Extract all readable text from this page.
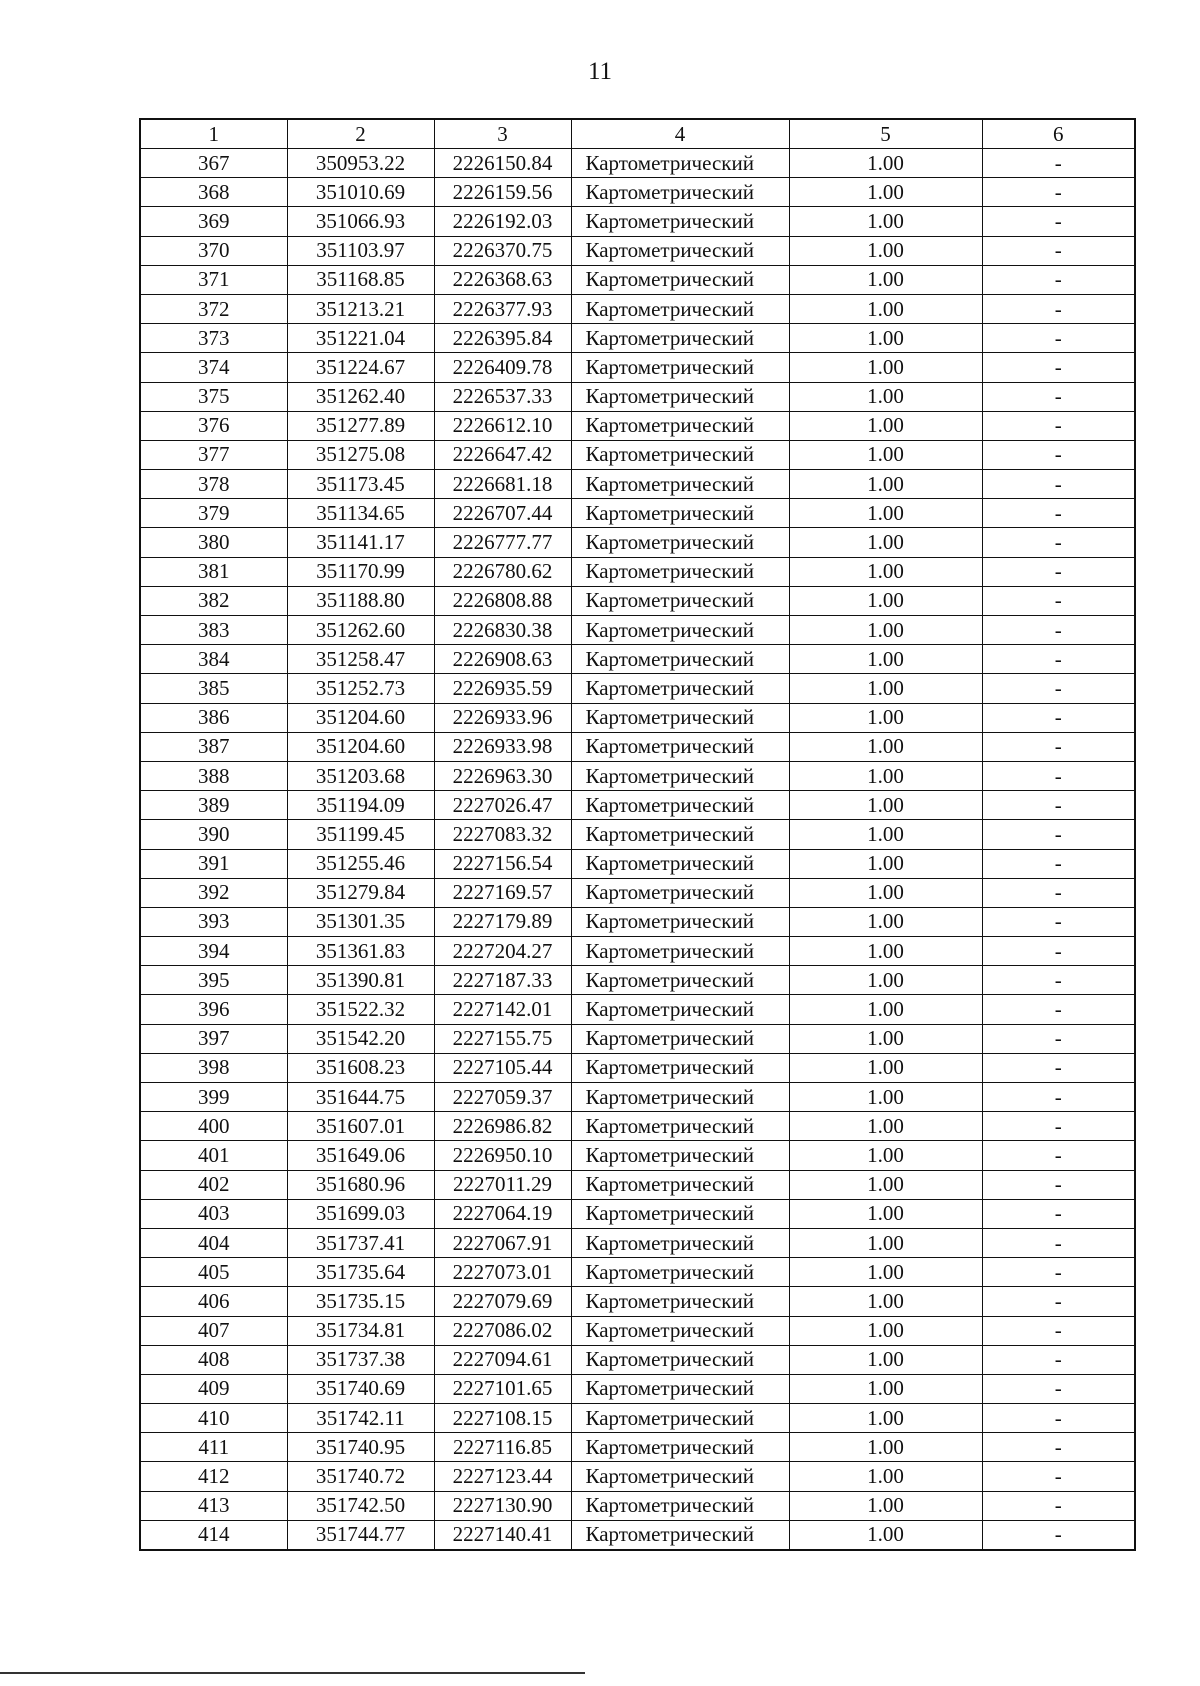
11
1	2	3	4	5	6
367	350953.22	2226150.84	Картометрический	1.00	-
368	351010.69	2226159.56	Картометрический	1.00	-
369	351066.93	2226192.03	Картометрический	1.00	-
370	351103.97	2226370.75	Картометрический	1.00	-
371	351168.85	2226368.63	Картометрический	1.00	-
372	351213.21	2226377.93	Картометрический	1.00	-
373	351221.04	2226395.84	Картометрический	1.00	-
374	351224.67	2226409.78	Картометрический	1.00	-
375	351262.40	2226537.33	Картометрический	1.00	-
376	351277.89	2226612.10	Картометрический	1.00	-
377	351275.08	2226647.42	Картометрический	1.00	-
378	351173.45	2226681.18	Картометрический	1.00	-
379	351134.65	2226707.44	Картометрический	1.00	-
380	351141.17	2226777.77	Картометрический	1.00	-
381	351170.99	2226780.62	Картометрический	1.00	-
382	351188.80	2226808.88	Картометрический	1.00	-
383	351262.60	2226830.38	Картометрический	1.00	-
384	351258.47	2226908.63	Картометрический	1.00	-
385	351252.73	2226935.59	Картометрический	1.00	-
386	351204.60	2226933.96	Картометрический	1.00	-
387	351204.60	2226933.98	Картометрический	1.00	-
388	351203.68	2226963.30	Картометрический	1.00	-
389	351194.09	2227026.47	Картометрический	1.00	-
390	351199.45	2227083.32	Картометрический	1.00	-
391	351255.46	2227156.54	Картометрический	1.00	-
392	351279.84	2227169.57	Картометрический	1.00	-
393	351301.35	2227179.89	Картометрический	1.00	-
394	351361.83	2227204.27	Картометрический	1.00	-
395	351390.81	2227187.33	Картометрический	1.00	-
396	351522.32	2227142.01	Картометрический	1.00	-
397	351542.20	2227155.75	Картометрический	1.00	-
398	351608.23	2227105.44	Картометрический	1.00	-
399	351644.75	2227059.37	Картометрический	1.00	-
400	351607.01	2226986.82	Картометрический	1.00	-
401	351649.06	2226950.10	Картометрический	1.00	-
402	351680.96	2227011.29	Картометрический	1.00	-
403	351699.03	2227064.19	Картометрический	1.00	-
404	351737.41	2227067.91	Картометрический	1.00	-
405	351735.64	2227073.01	Картометрический	1.00	-
406	351735.15	2227079.69	Картометрический	1.00	-
407	351734.81	2227086.02	Картометрический	1.00	-
408	351737.38	2227094.61	Картометрический	1.00	-
409	351740.69	2227101.65	Картометрический	1.00	-
410	351742.11	2227108.15	Картометрический	1.00	-
411	351740.95	2227116.85	Картометрический	1.00	-
412	351740.72	2227123.44	Картометрический	1.00	-
413	351742.50	2227130.90	Картометрический	1.00	-
414	351744.77	2227140.41	Картометрический	1.00	-
